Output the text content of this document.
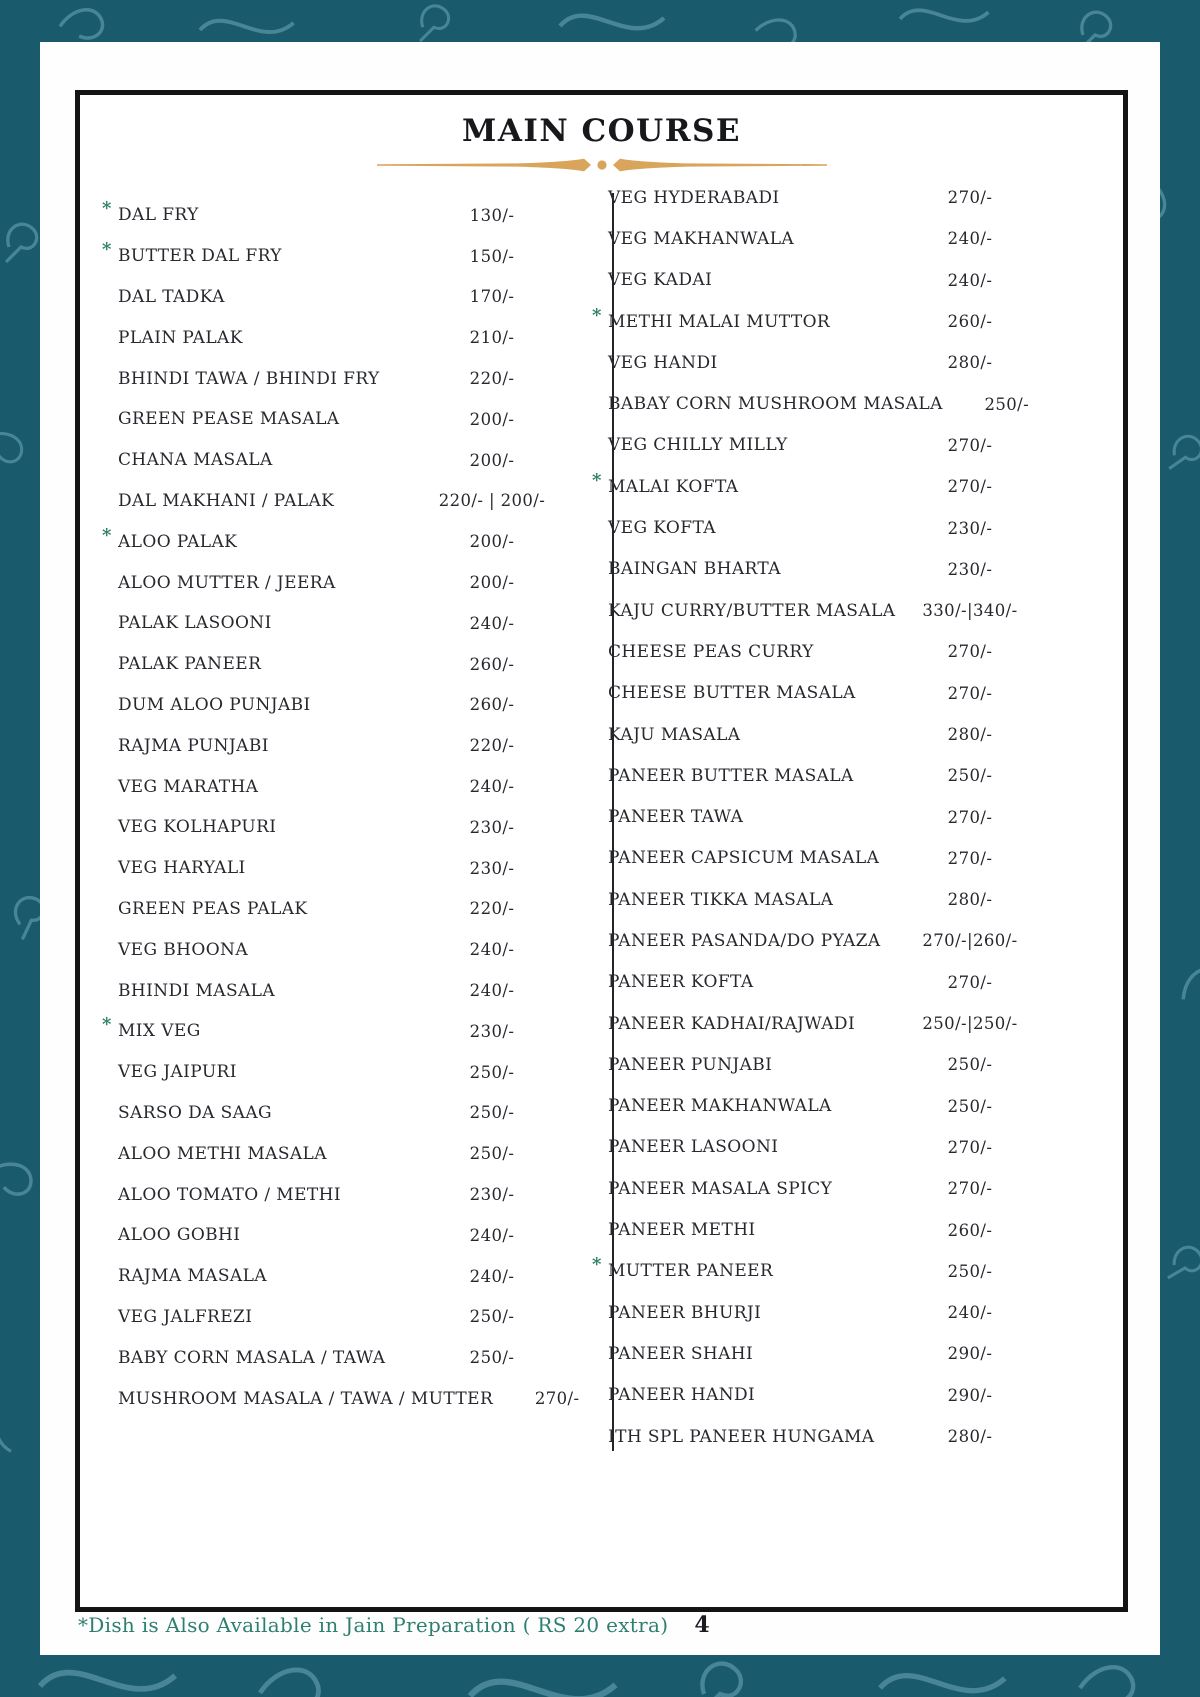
MAIN COURSE
* DAL FRY	130/-
* BUTTER DAL FRY	150/-
DAL TADKA	170/-
PLAIN PALAK	210/-
BHINDI TAWA / BHINDI FRY	220/-
GREEN PEASE MASALA	200/-
CHANA MASALA	200/-
DAL MAKHANI / PALAK	220/- | 200/-
* ALOO PALAK	200/-
ALOO MUTTER / JEERA	200/-
PALAK LASOONI	240/-
PALAK PANEER	260/-
DUM ALOO PUNJABI	260/-
RAJMA PUNJABI	220/-
VEG MARATHA	240/-
VEG KOLHAPURI	230/-
VEG HARYALI	230/-
GREEN PEAS PALAK	220/-
VEG BHOONA	240/-
BHINDI MASALA	240/-
* MIX VEG	230/-
VEG JAIPURI	250/-
SARSO DA SAAG	250/-
ALOO METHI MASALA	250/-
ALOO TOMATO / METHI	230/-
ALOO GOBHI	240/-
RAJMA MASALA	240/-
VEG JALFREZI	250/-
BABY CORN MASALA / TAWA	250/-
MUSHROOM MASALA / TAWA / MUTTER	270/-
VEG HYDERABADI	270/-
VEG MAKHANWALA	240/-
VEG KADAI	240/-
* METHI MALAI MUTTOR	260/-
VEG HANDI	280/-
BABAY CORN MUSHROOM MASALA	250/-
VEG CHILLY MILLY	270/-
* MALAI KOFTA	270/-
VEG KOFTA	230/-
BAINGAN BHARTA	230/-
KAJU CURRY/BUTTER MASALA	330/-|340/-
CHEESE PEAS CURRY	270/-
CHEESE BUTTER MASALA	270/-
KAJU MASALA	280/-
PANEER BUTTER MASALA	250/-
PANEER TAWA	270/-
PANEER CAPSICUM MASALA	270/-
PANEER TIKKA MASALA	280/-
PANEER PASANDA/DO PYAZA	270/-|260/-
PANEER KOFTA	270/-
PANEER KADHAI/RAJWADI	250/-|250/-
PANEER PUNJABI	250/-
PANEER MAKHANWALA	250/-
PANEER LASOONI	270/-
PANEER MASALA SPICY	270/-
PANEER METHI	260/-
* MUTTER PANEER	250/-
PANEER BHURJI	240/-
PANEER SHAHI	290/-
PANEER HANDI	290/-
ITH SPL PANEER HUNGAMA	280/-
*Dish is Also Available in Jain Preparation ( RS 20 extra) 4
